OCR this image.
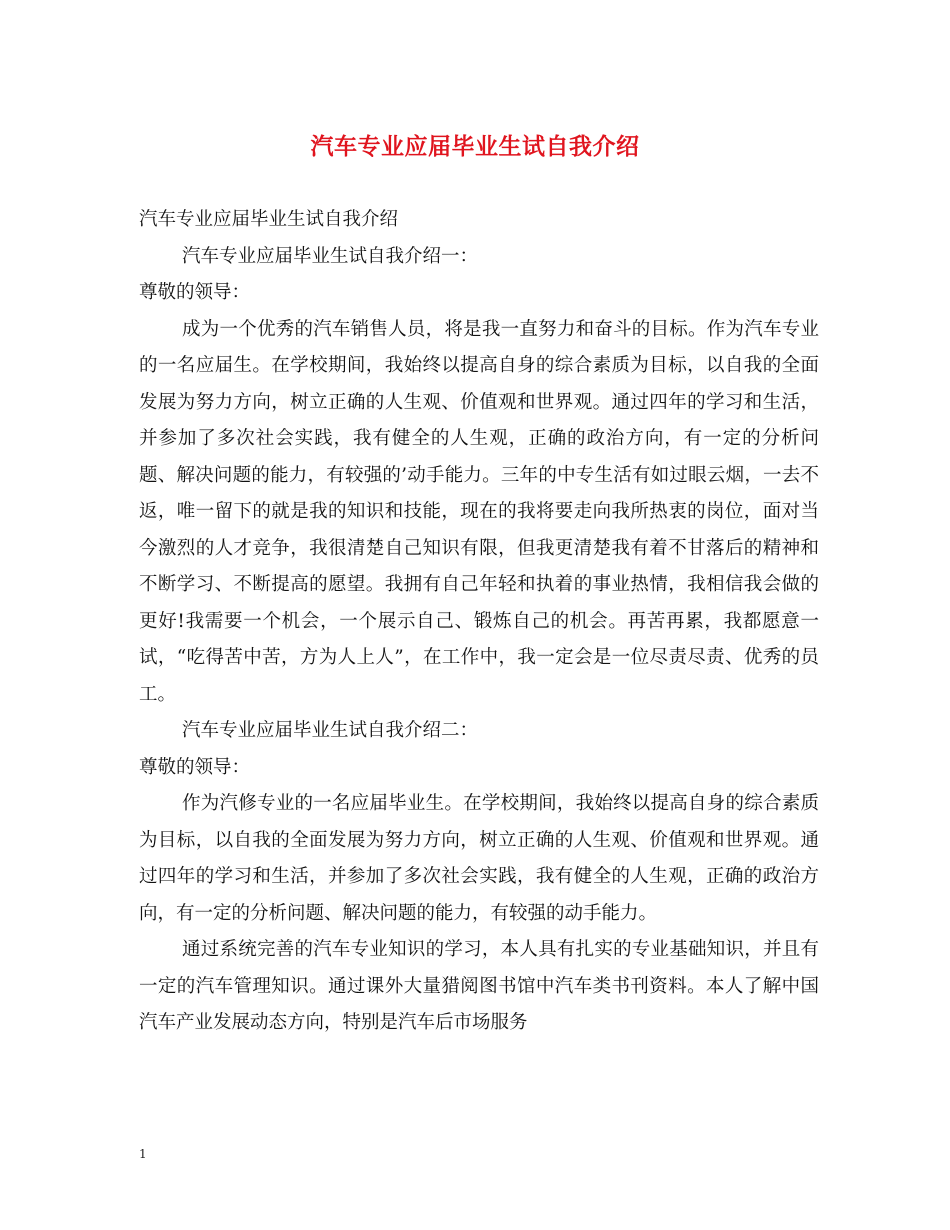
汽车专业应届毕业生试自我介绍

汽车专业应届毕业生试自我介绍

汽车专业应届毕业生试自我介绍一：

尊敬的领导：

成为一个优秀的汽车销售人员，将是我一直努力和奋斗的目标。作为汽车专业的一名应届生。在学校期间，我始终以提高自身的综合素质为目标，以自我的全面发展为努力方向，树立正确的人生观、价值观和世界观。通过四年的学习和生活，并参加了多次社会实践，我有健全的人生观，正确的政治方向，有一定的分析问题、解决问题的能力，有较强的’动手能力。三年的中专生活有如过眼云烟，一去不返，唯一留下的就是我的知识和技能，现在的我将要走向我所热衷的岗位，面对当今激烈的人才竞争，我很清楚自己知识有限，但我更清楚我有着不甘落后的精神和不断学习、不断提高的愿望。我拥有自己年轻和执着的事业热情，我相信我会做的更好!我需要一个机会，一个展示自己、锻炼自己的机会。再苦再累，我都愿意一试，“吃得苦中苦，方为人上人”，在工作中，我一定会是一位尽责尽责、优秀的员工。

汽车专业应届毕业生试自我介绍二：

尊敬的领导：

作为汽修专业的一名应届毕业生。在学校期间，我始终以提高自身的综合素质为目标，以自我的全面发展为努力方向，树立正确的人生观、价值观和世界观。通过四年的学习和生活，并参加了多次社会实践，我有健全的人生观，正确的政治方向，有一定的分析问题、解决问题的能力，有较强的动手能力。

通过系统完善的汽车专业知识的学习，本人具有扎实的专业基础知识，并且有一定的汽车管理知识。通过课外大量猎阅图书馆中汽车类书刊资料。本人了解中国汽车产业发展动态方向，特别是汽车后市场服务

1
